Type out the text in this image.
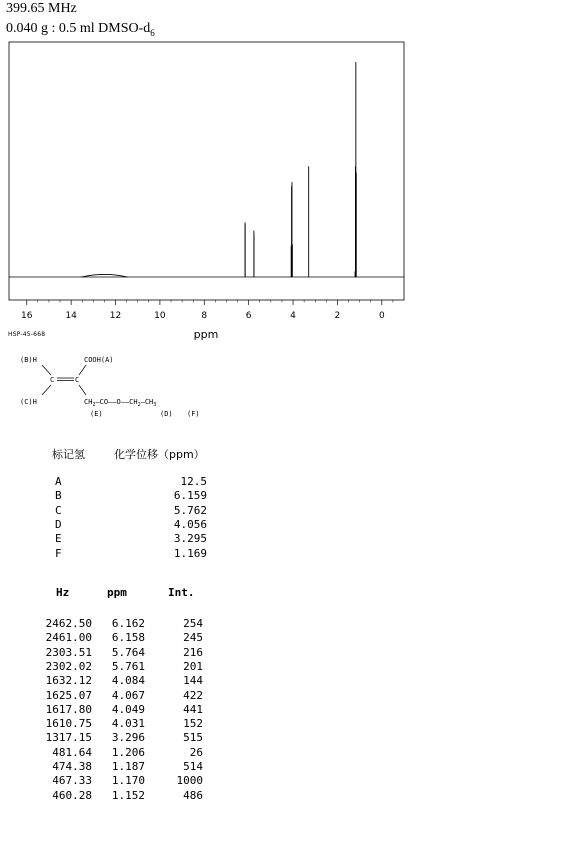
399.65 MHz
0.040 g : 0.5 ml DMSO-$d_6$
16	14	12	10	8	6	4	2	0
ppm
HSP-45-668
(B)H	COOH(A)
C	C
(C)H	$CH_2—CO——O——CH_2—CH_3$
(E)	(D) (F)
标记氢	化学位移（ppm）
A	12.5
B	6.159
C	5.762
D	4.056
E	3.295
F	1.169
Hz	ppm	Int.
2462.50 6.162	254
2461.00 6.158	245
2303.51 5.764	216
2302.02 5.761	201
1632.12 4.084	144
1625.07 4.067	422
1617.80 4.049	441
1610.75 4.031	152
1317.15 3.296	515
481.64 1.206	26
474.38 1.187	514
467.33 1.170	1000
460.28 1.152	486
